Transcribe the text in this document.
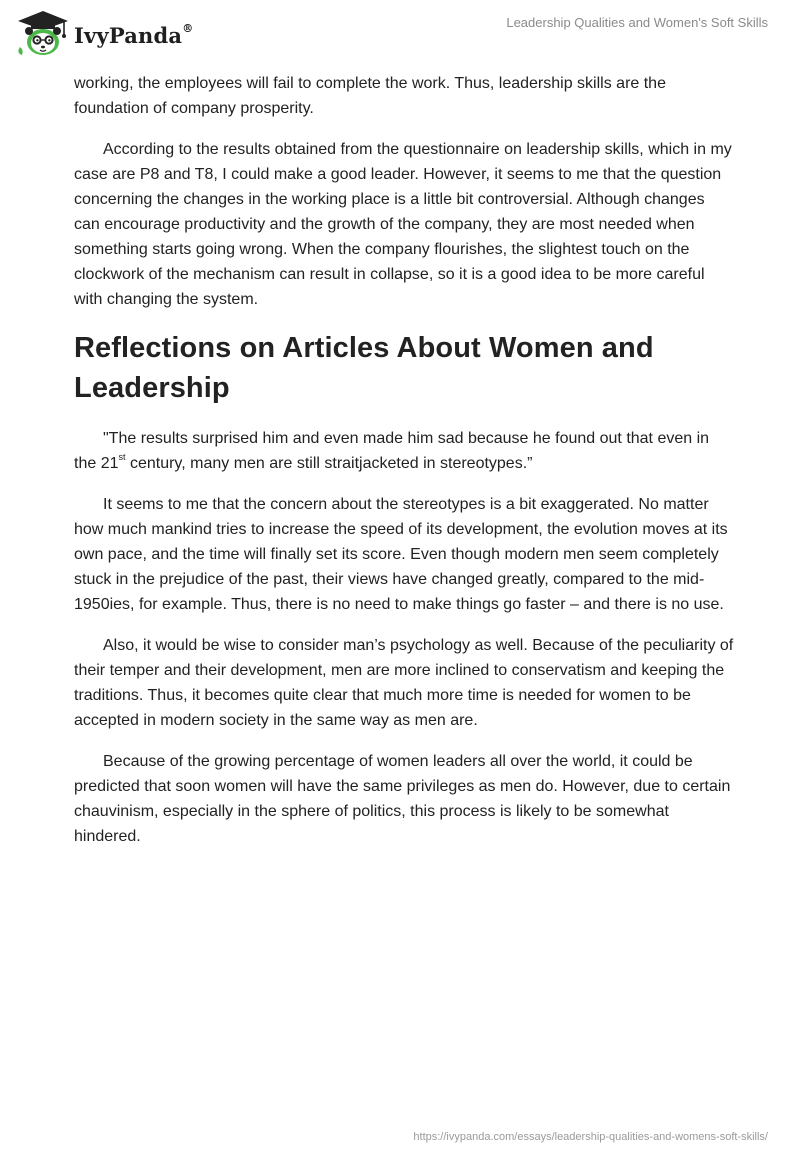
IvyPanda®	Leadership Qualities and Women's Soft Skills

working, the employees will fail to complete the work. Thus, leadership skills are the foundation of company prosperity.

According to the results obtained from the questionnaire on leadership skills, which in my case are P8 and T8, I could make a good leader. However, it seems to me that the question concerning the changes in the working place is a little bit controversial. Although changes can encourage productivity and the growth of the company, they are most needed when something starts going wrong. When the company flourishes, the slightest touch on the clockwork of the mechanism can result in collapse, so it is a good idea to be more careful with changing the system.

Reflections on Articles About Women and Leadership

"The results surprised him and even made him sad because he found out that even in the 21st century, many men are still straitjacketed in stereotypes.”

It seems to me that the concern about the stereotypes is a bit exaggerated. No matter how much mankind tries to increase the speed of its development, the evolution moves at its own pace, and the time will finally set its score. Even though modern men seem completely stuck in the prejudice of the past, their views have changed greatly, compared to the mid-1950ies, for example. Thus, there is no need to make things go faster – and there is no use.

Also, it would be wise to consider man’s psychology as well. Because of the peculiarity of their temper and their development, men are more inclined to conservatism and keeping the traditions. Thus, it becomes quite clear that much more time is needed for women to be accepted in modern society in the same way as men are.

Because of the growing percentage of women leaders all over the world, it could be predicted that soon women will have the same privileges as men do. However, due to certain chauvinism, especially in the sphere of politics, this process is likely to be somewhat hindered.

https://ivypanda.com/essays/leadership-qualities-and-womens-soft-skills/
